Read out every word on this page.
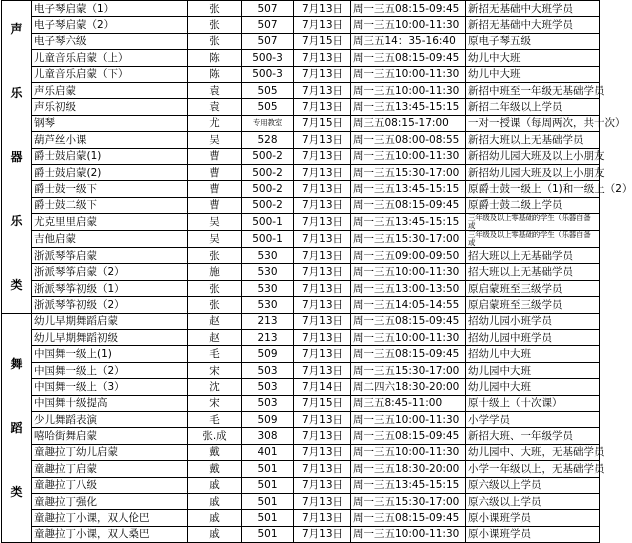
声
乐
器
乐
类	电子琴启蒙（1）	张	507	7月13日	周一三五08:15-09:45	新招无基础中大班学员
	电子琴启蒙（2）	张	507	7月13日	周一三五10:00-11:30	新招无基础中大班学员
	电子琴六级	张	507	7月15日	周三五14：35-16:40	原电子琴五级
	儿童音乐启蒙（上）	陈	500-3	7月13日	周一三五08:15-09:45	幼儿中大班
	儿童音乐启蒙（下）	陈	500-3	7月13日	周一三五10:00-11:30	幼儿中大班
	声乐启蒙	袁	505	7月13日	周一三五10:00-11:30	新招中班至一年级无基础学员
	声乐初级	袁	505	7月13日	周一三五13:45-15:15	新招二年级以上学员
	钢琴	尤	专用教室	7月15日	周三五08:15-17:00	一对一授课（每周两次，共十次）
	葫芦丝小课	吴	528	7月13日	周一三五08:00-08:55	新招大班以上无基础学员
	爵士鼓启蒙(1)	曹	500-2	7月13日	周一三五10:00-11:30	新招幼儿园大班及以上小朋友
	爵士鼓启蒙(2)	曹	500-2	7月13日	周一三五15:30-17:00	新招幼儿园大班及以上小朋友
	爵士鼓一级下	曹	500-2	7月13日	周一三五13:45-15:15	原爵士鼓一级上（1)和一级上（2）
	爵士鼓二级下	曹	500-2	7月13日	周一三五08:15-09:45	原爵士鼓二级上学员
	尤克里里启蒙	吴	500-1	7月13日	周一三五13:45-15:15	三年级及以上零基础的学生（乐器自备或
	吉他启蒙	吴	500-1	7月13日	周一三五15:30-17:00	三年级及以上零基础的学生（乐器自备或
	浙派琴筝启蒙	张	530	7月13日	周一三五09:00-09:50	招大班以上无基础学员
	浙派琴筝启蒙（2）	施	530	7月13日	周一三五10:00-11:30	招大班以上无基础学员
	浙派琴筝初级（1）	张	530	7月13日	周一三五13:00-13:50	原启蒙班至三级学员
	浙派琴筝初级（2）	张	530	7月13日	周一三五14:05-14:55	原启蒙班至三级学员

舞
蹈
类	幼儿早期舞蹈启蒙	赵	213	7月13日	周一三五08:15-09:45	招幼儿园小班学员
	幼儿早期舞蹈初级	赵	213	7月13日	周一三五10:00-11:30	招幼儿园中班学员
	中国舞一级上(1)	毛	509	7月13日	周一三五08:15-09:45	招幼儿中大班
	中国舞一级上（2）	宋	503	7月13日	周一三五15:30-17:00	幼儿园中大班
	中国舞一级上（3）	沈	503	7月14日	周二四六18:30-20:00	幼儿园中大班
	中国舞十级提高	宋	503	7月15日	周三五8:45-11:00	原十级上（十次课）
	少儿舞蹈表演	毛	509	7月13日	周一三五10:00-11:30	小学学员
	嘻哈街舞启蒙	张.成	308	7月13日	周一三五08:15-09:45	新招大班、一年级学员
	童趣拉丁幼儿启蒙	戴	401	7月13日	周一三五10:00-11:30	幼儿园中、大班，无基础学员
	童趣拉丁启蒙	戴	501	7月13日	周一三五18:30-20:00	小学一年级以上，无基础学员
	童趣拉丁八级	戚	501	7月13日	周一三五13:45-15:15	原六级以上学员
	童趣拉丁强化	戚	501	7月13日	周一三五15:30-17:00	原六级以上学员
	童趣拉丁小课，双人伦巴	戚	501	7月13日	周一三五08:15-09:45	原小课班学员
	童趣拉丁小课，双人桑巴	戚	501	7月13日	周一三五10:00-11:30	原小课班学员
